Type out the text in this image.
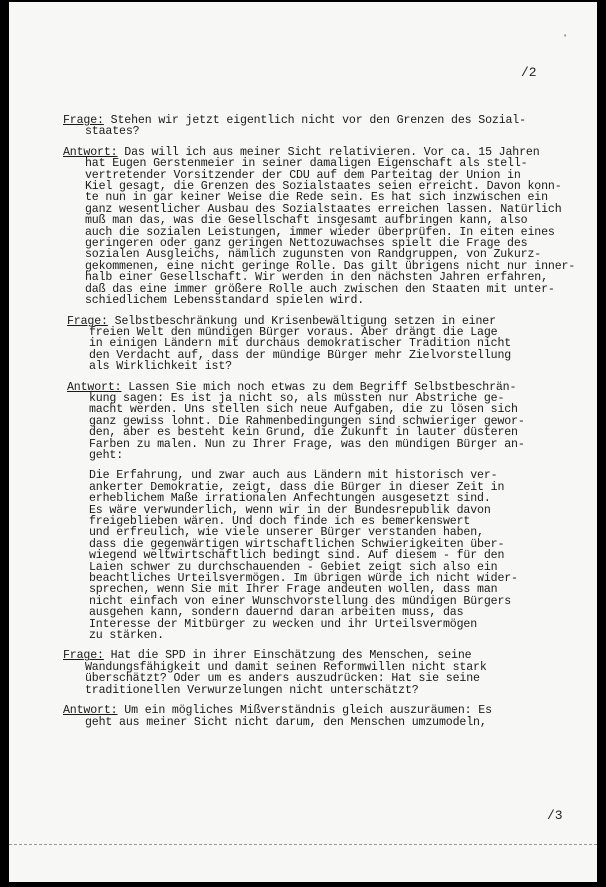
ʼ
/2

Frage: Stehen wir jetzt eigentlich nicht vor den Grenzen des Sozial-

staates?

Antwort: Das will ich aus meiner Sicht relativieren. Vor ca. 15 Jahren

hat Eugen Gerstenmeier in seiner damaligen Eigenschaft als stell-

vertretender Vorsitzender der CDU auf dem Parteitag der Union in

Kiel gesagt, die Grenzen des Sozialstaates seien erreicht. Davon konn-

te nun in gar keiner Weise die Rede sein. Es hat sich inzwischen ein

ganz wesentlicher Ausbau des Sozialstaates erreichen lassen. Natürlich

muß man das, was die Gesellschaft insgesamt aufbringen kann, also

auch die sozialen Leistungen, immer wieder überprüfen. In eiten eines

geringeren oder ganz geringen Nettozuwachses spielt die Frage des

sozialen Ausgleichs, nämlich zugunsten von Randgruppen, von Zukurz-

gekommenen, eine nicht geringe Rolle. Das gilt übrigens nicht nur inner-

halb einer Gesellschaft. Wir werden in den nächsten Jahren erfahren,

daß das eine immer größere Rolle auch zwischen den Staaten mit unter-

schiedlichem Lebensstandard spielen wird.

Frage: Selbstbeschränkung und Krisenbewältigung setzen in einer

freien Welt den mündigen Bürger voraus. Aber drängt die Lage

in einigen Ländern mit durchaus demokratischer Tradition nicht

den Verdacht auf, dass der mündige Bürger mehr Zielvorstellung

als Wirklichkeit ist?

Antwort: Lassen Sie mich noch etwas zu dem Begriff Selbstbeschrän-

kung sagen: Es ist ja nicht so, als müssten nur Abstriche ge-

macht werden. Uns stellen sich neue Aufgaben, die zu lösen sich

ganz gewiss lohnt. Die Rahmenbedingungen sind schwieriger gewor-

den, aber es besteht kein Grund, die Zukunft in lauter düsteren

Farben zu malen. Nun zu Ihrer Frage, was den mündigen Bürger an-

geht:

Die Erfahrung, und zwar auch aus Ländern mit historisch ver-

ankerter Demokratie, zeigt, dass die Bürger in dieser Zeit in

erheblichem Maße irrationalen Anfechtungen ausgesetzt sind.

Es wäre verwunderlich, wenn wir in der Bundesrepublik davon

freigeblieben wären. Und doch finde ich es bemerkenswert

und erfreulich, wie viele unserer Bürger verstanden haben,

dass die gegenwärtigen wirtschaftlichen Schwierigkeiten über-

wiegend weltwirtschaftlich bedingt sind. Auf diesem - für den

Laien schwer zu durchschauenden - Gebiet zeigt sich also ein

beachtliches Urteilsvermögen. Im übrigen würde ich nicht wider-

sprechen, wenn Sie mit Ihrer Frage andeuten wollen, dass man

nicht einfach von einer Wunschvorstellung des mündigen Bürgers

ausgehen kann, sondern dauernd daran arbeiten muss, das

Interesse der Mitbürger zu wecken und ihr Urteilsvermögen

zu stärken.

Frage: Hat die SPD in ihrer Einschätzung des Menschen, seine

Wandungsfähigkeit und damit seinen Reformwillen nicht stark

überschätzt? Oder um es anders auszudrücken: Hat sie seine

traditionellen Verwurzelungen nicht unterschätzt?

Antwort: Um ein mögliches Mißverständnis gleich auszuräumen: Es

geht aus meiner Sicht nicht darum, den Menschen umzumodeln,

/3
